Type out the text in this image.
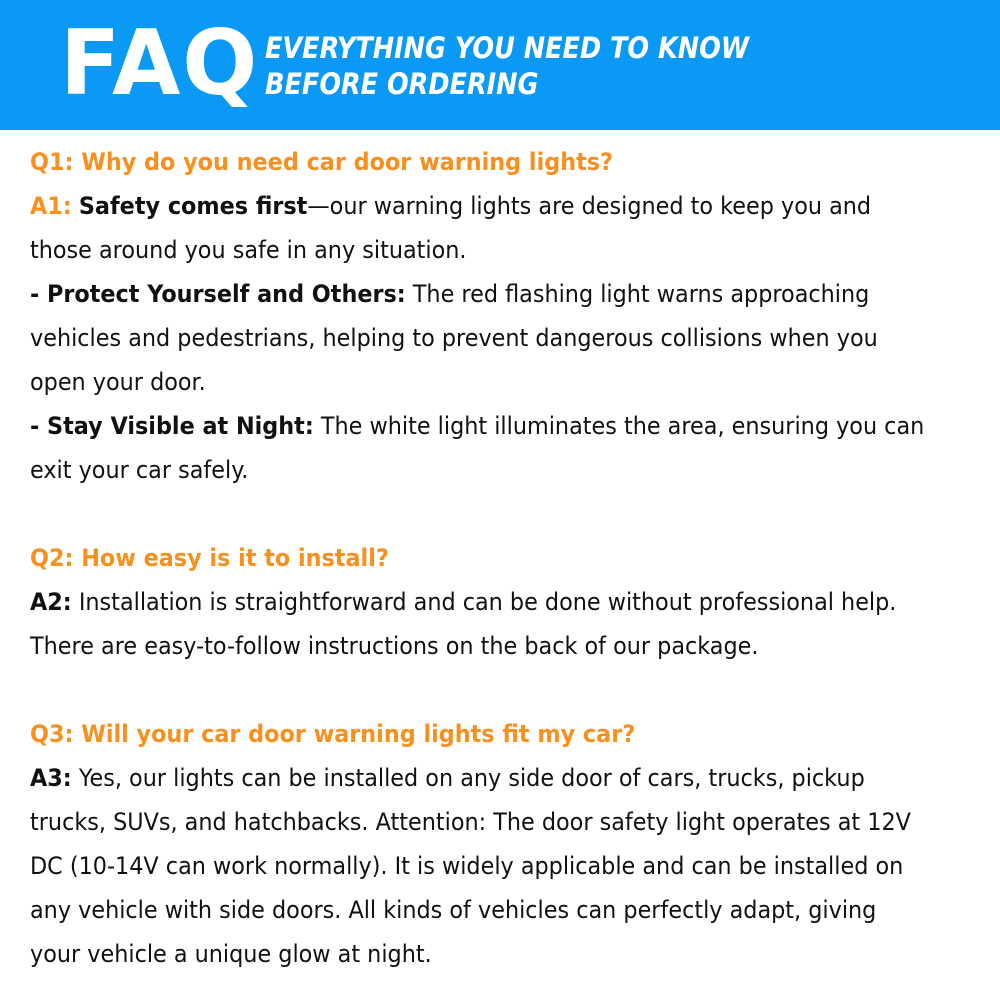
FAQ EVERYTHING YOU NEED TO KNOW
BEFORE ORDERING
Q1: Why do you need car door warning lights?
A1: Safety comes first—our warning lights are designed to keep you and
those around you safe in any situation.
- Protect Yourself and Others: The red flashing light warns approaching
vehicles and pedestrians, helping to prevent dangerous collisions when you
open your door.
- Stay Visible at Night: The white light illuminates the area, ensuring you can
exit your car safely.
Q2: How easy is it to install?
A2: Installation is straightforward and can be done without professional help.
There are easy-to-follow instructions on the back of our package.
Q3: Will your car door warning lights fit my car?
A3: Yes, our lights can be installed on any side door of cars, trucks, pickup
trucks, SUVs, and hatchbacks. Attention: The door safety light operates at 12V
DC (10-14V can work normally). It is widely applicable and can be installed on
any vehicle with side doors. All kinds of vehicles can perfectly adapt, giving
your vehicle a unique glow at night.
